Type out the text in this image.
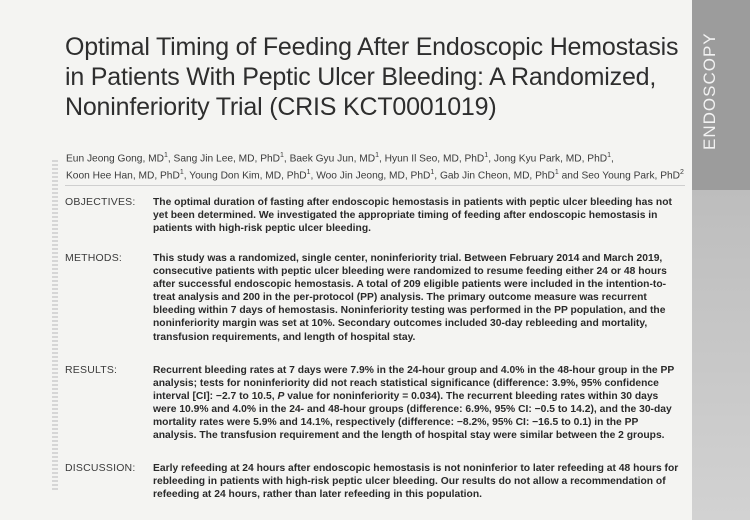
Optimal Timing of Feeding After Endoscopic Hemostasis
in Patients With Peptic Ulcer Bleeding: A Randomized,
Noninferiority Trial (CRIS KCT0001019)
Eun Jeong Gong, $MD^1$, Sang Jin Lee, MD, PhD$^1$, Baek Gyu Jun, $MD^1$, Hyun Il Seo, MD, PhD$^1$, Jong Kyu Park, MD, PhD$^1$,
Koon Hee Han, MD, PhD$^1$, Young Don Kim, MD, PhD$^1$, Woo Jin Jeong, MD, PhD$^1$, Gab Jin Cheon, MD, PhD$^1$ and Seo Young Park, PhD$^2$
OBJECTIVES:	The optimal duration of fasting after endoscopic hemostasis in patients with peptic ulcer bleeding has not yet been determined. We investigated the appropriate timing of feeding after endoscopic hemostasis in patients with high-risk peptic ulcer bleeding.
METHODS:	This study was a randomized, single center, noninferiority trial. Between February 2014 and March 2019, consecutive patients with peptic ulcer bleeding were randomized to resume feeding either 24 or 48 hours after successful endoscopic hemostasis. A total of 209 eligible patients were included in the intention-to-treat analysis and 200 in the per-protocol (PP) analysis. The primary outcome measure was recurrent bleeding within 7 days of hemostasis. Noninferiority testing was performed in the PP population, and the noninferiority margin was set at 10%. Secondary outcomes included 30-day rebleeding and mortality, transfusion requirements, and length of hospital stay.
RESULTS:	Recurrent bleeding rates at 7 days were 7.9% in the 24-hour group and 4.0% in the 48-hour group in the PP analysis; tests for noninferiority did not reach statistical significance (difference: 3.9%, 95% confidence interval [CI]: −2.7 to 10.5, P value for noninferiority = 0.034). The recurrent bleeding rates within 30 days were 10.9% and 4.0% in the 24- and 48-hour groups (difference: 6.9%, 95% CI: −0.5 to 14.2), and the 30-day mortality rates were 5.9% and 14.1%, respectively (difference: −8.2%, 95% CI: −16.5 to 0.1) in the PP analysis. The transfusion requirement and the length of hospital stay were similar between the 2 groups.
DISCUSSION:	Early refeeding at 24 hours after endoscopic hemostasis is not noninferior to later refeeding at 48 hours for rebleeding in patients with high-risk peptic ulcer bleeding. Our results do not allow a recommendation of refeeding at 24 hours, rather than later refeeding in this population.
